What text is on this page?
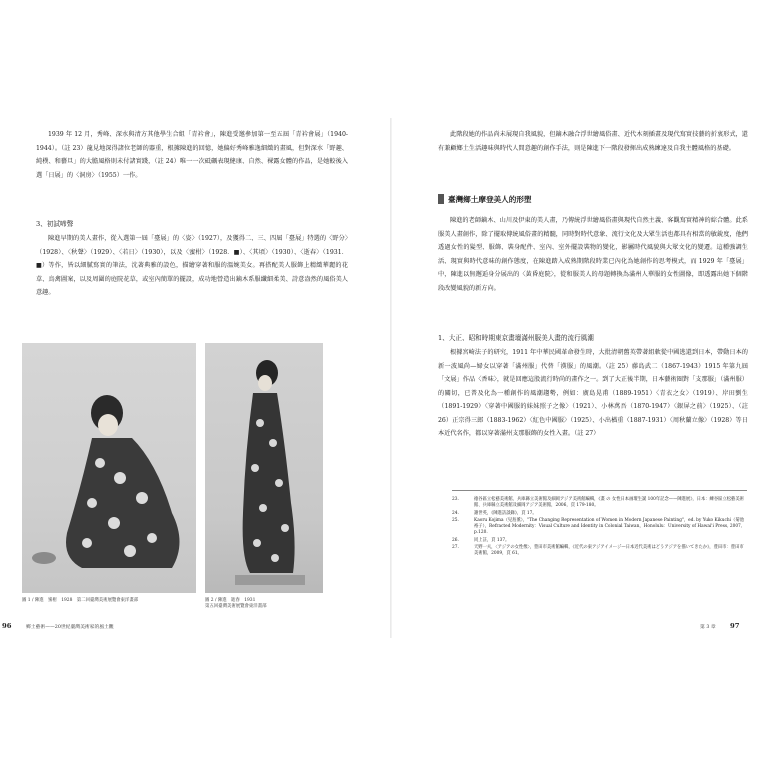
1939 年 12 月，秀峰、深水與清方其他學生合組「青衿會」，陳進受邀參加第一至五屆「青衿會展」（1940-1944）。（註 23）龍見地深得諸位老師的器重，根據陳進的回憶，她偏好秀峰雅逸細緻的畫風，但對深水「野趣、純樸、和藝旦」的大膽風格則未付諸實踐，（註 24）唯一一次砥礪表現健康、自然、裸露女體的作品，是她較後入選「日展」的〈洞房〉（1955）一作。

3、初試啼聲

陳進早期的美人畫作，從入選第一屆「臺展」的〈姿〉（1927），及獲得二、三、四屆「臺展」特選的〈野分〉（1928）、〈秋聲〉（1929）、〈若日〉（1930），以及〈蜜柑〉（1928．■）、〈其頃〉（1930）、〈逝春〉（1931．■）等作，皆以細膩寫實的筆法，沈著典雅的設色，描繪穿著和服的溫婉美女。再搭配美人服飾上精緻華麗的花草、鳥禽圖案，以及周圍的庭院花草，或室內簡單的擺設，成功地營造出鏑木系服纖細柔美、詩意盎然的風俗美人意趣。

圖 1 / 陳進　蜜柑　1928　第二回臺灣美術展覽會東洋畫部	圖 2 / 陳進　逝春　1931
第五回臺灣美術展覽會東洋畫部
96	鄉土藝術——20世紀臺灣美術家的風土觀

此階段她的作品尚未展現自我風貌，但鏑木融合浮世繪風俗畫、近代木刻插畫及現代寫實技藝的折衷形式，還有兼顧鄉土生活趣味與時代人間意趣的創作手法，則是陳進下一階段發揮出成熟練達及自我主體風格的基礎。

臺灣鄉土摩登美人的形塑

陳進的老師鏑木、山川及伊東的美人畫，乃傳統浮世繪風俗畫與現代自然主義、客觀寫實精神的綜合體。此系服美人畫創作，除了擺取傳統風俗畫的精髓，同時對時代意象、流行文化及大眾生活也都具有相當的敏銳度，他們透過女性的髮型、服飾、裝身配件、室內、室外擺設裝物的變化，影屬時代風貌與大眾文化的變遷。這種強調生活、現實與時代意味的創作態度，在陳進踏入成熟期階段時業已內化為她創作的思考模式，而 1929 年「臺展」中，陳進以無邂逅身分展出的〈黃昏庭院〉，從和服美人的母題轉換為滿州人華服的女性圖像，即透露出她下個階段改變風貌的新方向。

1、大正、昭和時期東京畫壇滿州服美人畫的流行風潮

根據宮崎法子的研究，1911 年中華民國革命發生時，大批清朝舊英帶著組軟從中國逃還到日本，帶動日本的新一波風尚—婦女以穿著「滿州服」代替「漢服」的風潮。（註 25）藤島武二（1867-1943）1915 年第九屆「文展」作品〈香味〉，就是回應這股流行時尚的畫作之一。到了大正後半期，日本藝術圈對「支那服」（滿州服）的關切，已普及化為一種創作的風潮趨勢，例如：廣島晃甫（1889-1951）〈青衣之女〉（1919）、岸田劉生（1891-1929）〈穿著中國服的妹妹照子之像〉（1921）、小林萬吾（1870-1947）〈銀屏之前〉（1925）、（註 26）正宗得三郎（1883-1962）〈紅色中國服〉（1925）、小出楢重（1887-1931）〈周秋蘭立像〉（1928）等日本近代名作，都以穿著滿州支那服飾的女性入畫。（註 27）

23.	徳谷區立松藝美術館、兵庫縣立美術館及細岡アジア美術館編輯，《畫 の 女性日本画壇生誕 100年記念——陳進展》，日本：練谷區立松藝美術館、兵庫縣立美術館及細岡アジア美術館，2006，頁 179-180。
24.	謝世英，《陳進訪談錄》，頁 17。
25.	Kaoru Kojima（兒島薰），"The Changing Representation of Women in Modern Japanese Painting"，ed. by Yuko Kikuchi（菊池裕子），Refracted Modernity：Visual Culture and Identity in Colonial Taiwan，Honolulu：University of Hawai'i Press, 2007, p.120.
26.	同上註，頁 137。
27.	天野一夫，〈アジアの女性像〉，豊田市美術館編輯，《近代の東アジアイメージ—日本近代美術はどうアジアを描いてきたか》，豊田市：豊田市美術館，2009，頁 61。
第 3 章 97
